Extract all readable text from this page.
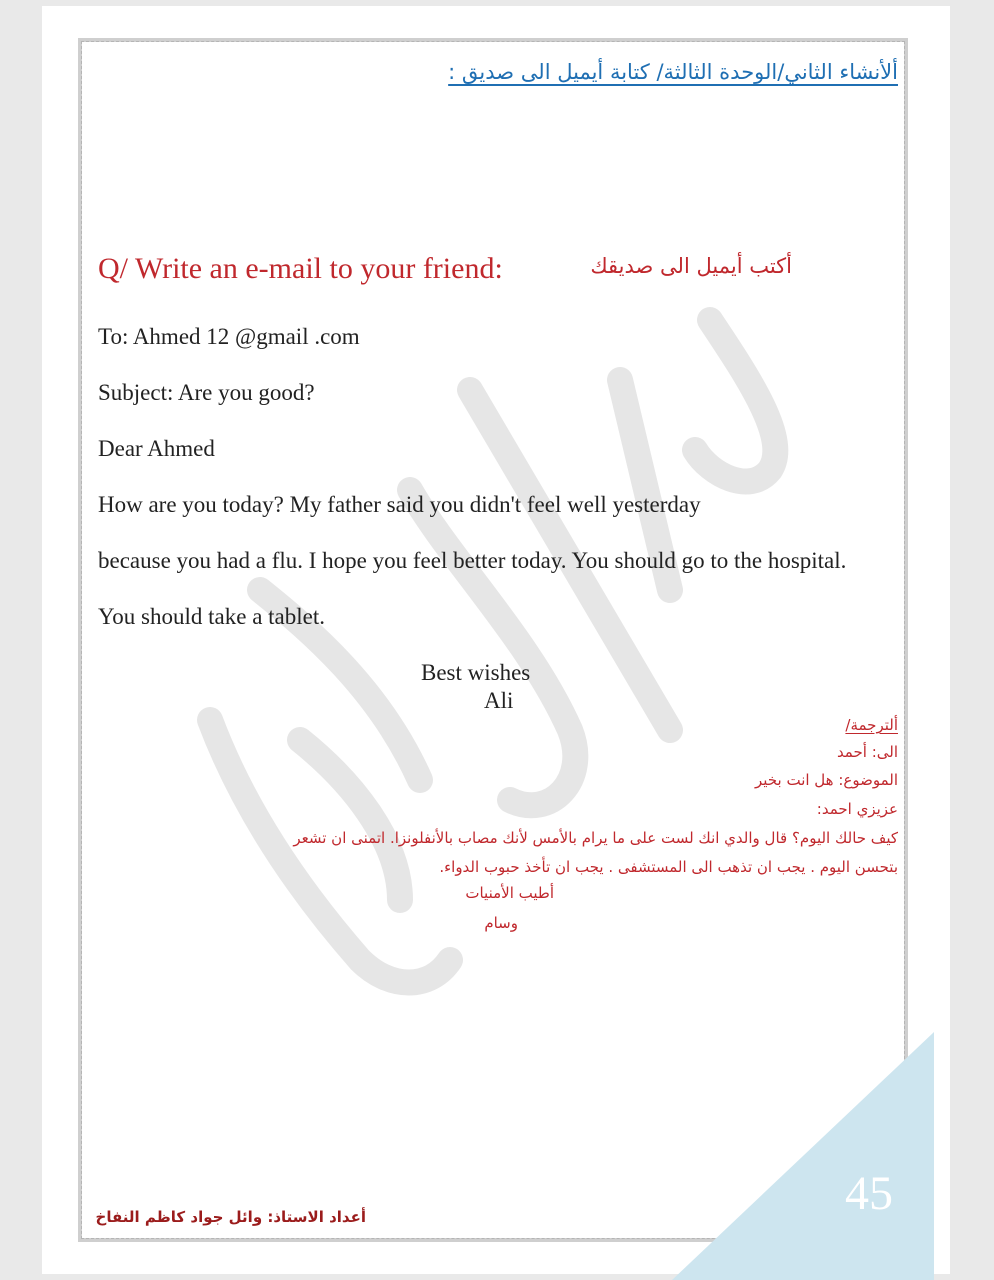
45
ألأنشاء الثاني/الوحدة الثالثة/ كتابة أيميل الى صديق :
Q/ Write an e-mail to your friend:	أكتب أيميل الى صديقك
To: Ahmed 12 @gmail .com
Subject: Are you good?
Dear Ahmed
How are you today? My father said you didn't feel well yesterday
because you had a flu. I hope you feel better today. You should go to the hospital.
You should take a tablet.
Best wishes
Ali
ألترجمة/
الى: أحمد
الموضوع: هل انت بخير
عزيزي احمد:
كيف حالك اليوم؟ قال والدي انك لست على ما يرام بالأمس لأنك مصاب بالأنفلونزا. اتمنى ان تشعر
بتحسن اليوم . يجب ان تذهب الى المستشفى . يجب ان تأخذ حبوب الدواء.
أطيب الأمنيات
وسام
أعداد الاستاذ: وائل جواد كاظم النفاخ
